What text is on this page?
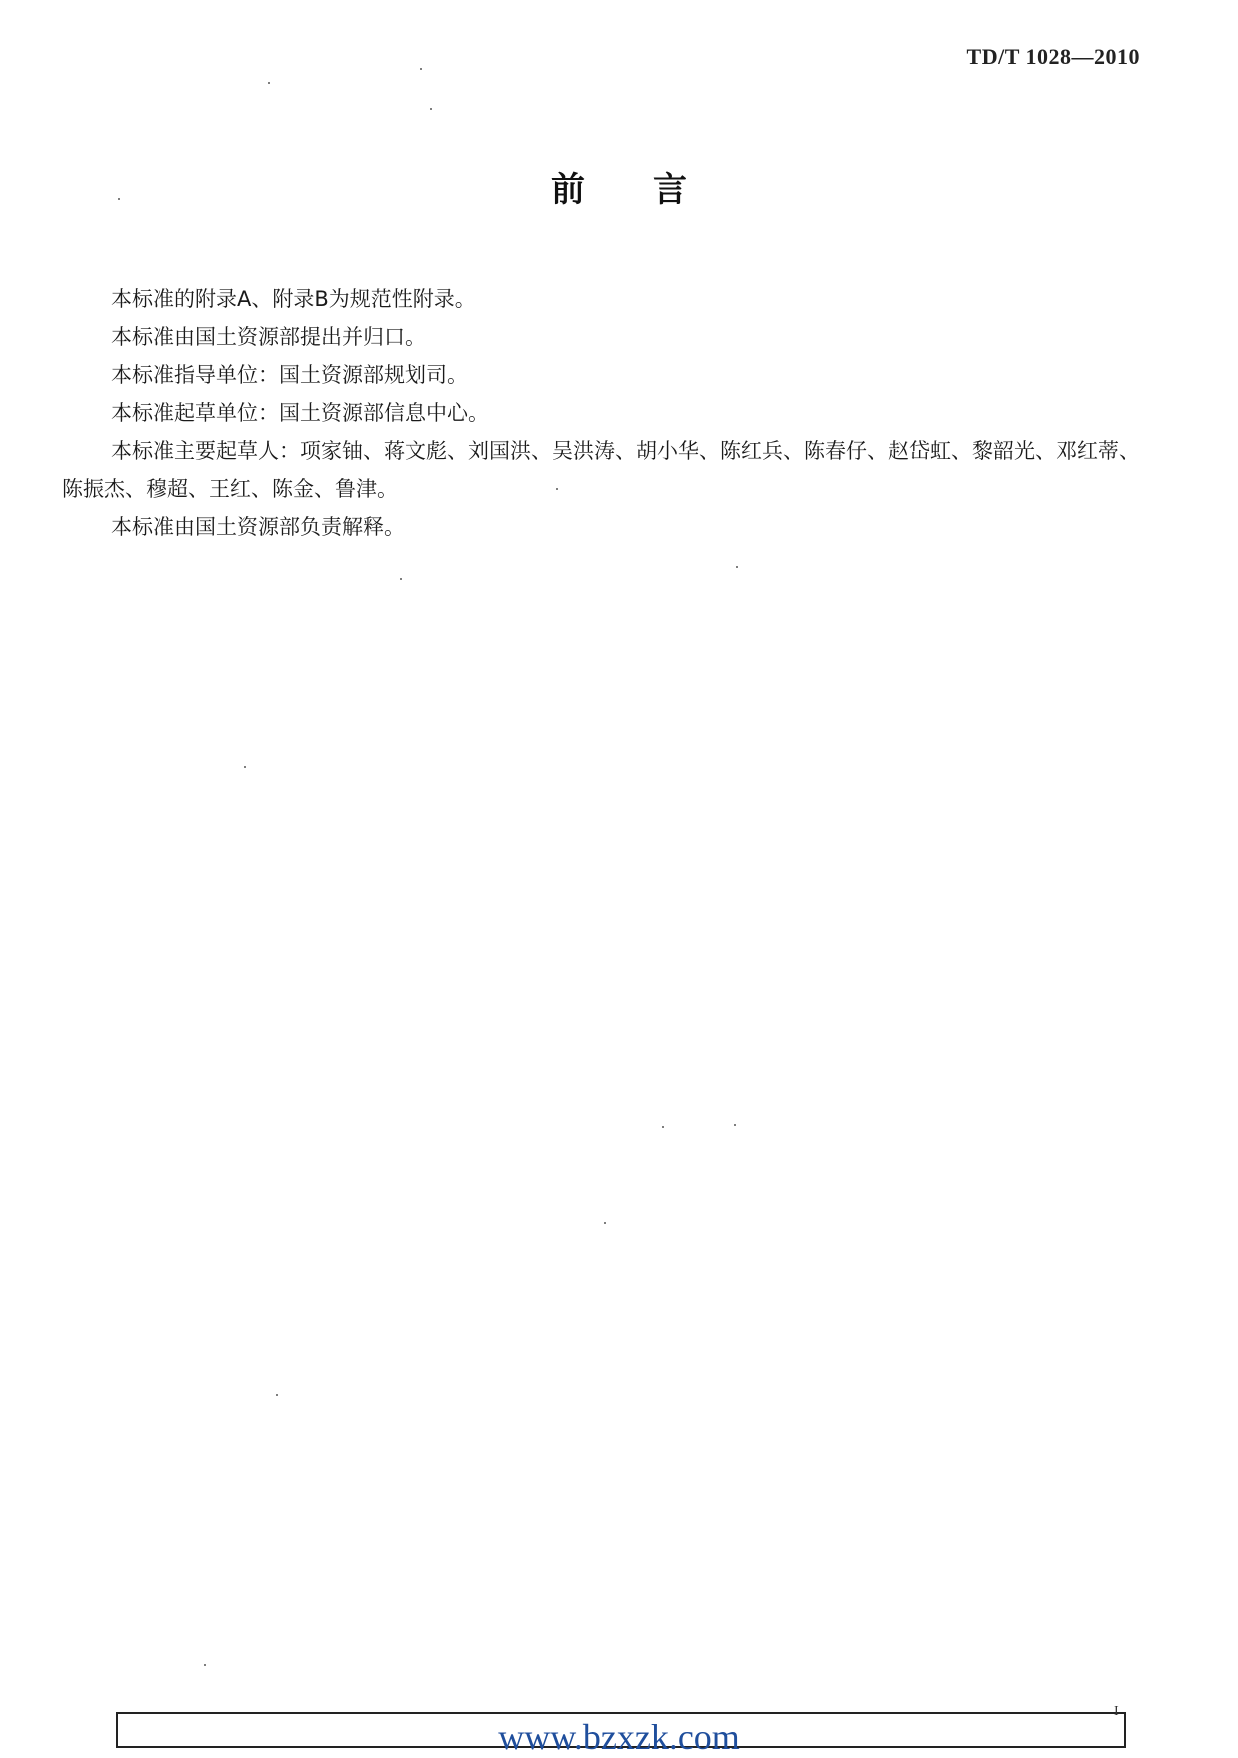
TD/T 1028—2010
前　　言

本标准的附录A、附录B为规范性附录。

本标准由国土资源部提出并归口。

本标准指导单位：国土资源部规划司。

本标准起草单位：国土资源部信息中心。

本标准主要起草人：项家铀、蒋文彪、刘国洪、吴洪涛、胡小华、陈红兵、陈春仔、赵岱虹、黎韶光、邓红蒂、陈振杰、穆超、王红、陈金、鲁津。

本标准由国土资源部负责解释。

www.bzxzk.com
I
